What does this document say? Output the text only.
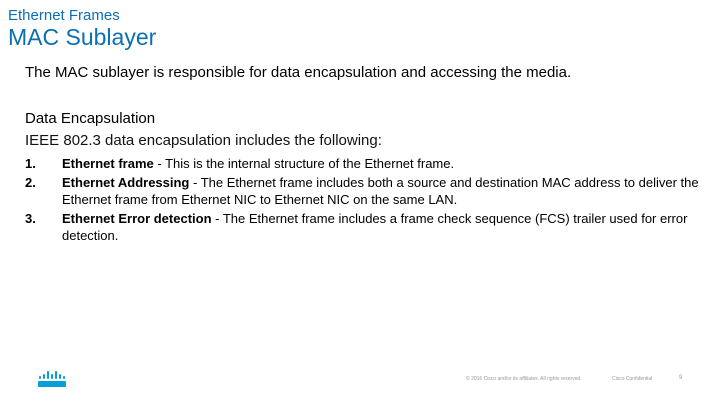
Ethernet Frames
MAC Sublayer

The MAC sublayer is responsible for data encapsulation and accessing the media.

Data Encapsulation

IEEE 802.3 data encapsulation includes the following:

1.	Ethernet frame - This is the internal structure of the Ethernet frame.
2.	Ethernet Addressing - The Ethernet frame includes both a source and destination MAC address to deliver the Ethernet frame from Ethernet NIC to Ethernet NIC on the same LAN.
3.	Ethernet Error detection - The Ethernet frame includes a frame check sequence (FCS) trailer used for error detection.
© 2016 Cisco and/or its affiliates. All rights reserved.	Cisco Confidential	9
